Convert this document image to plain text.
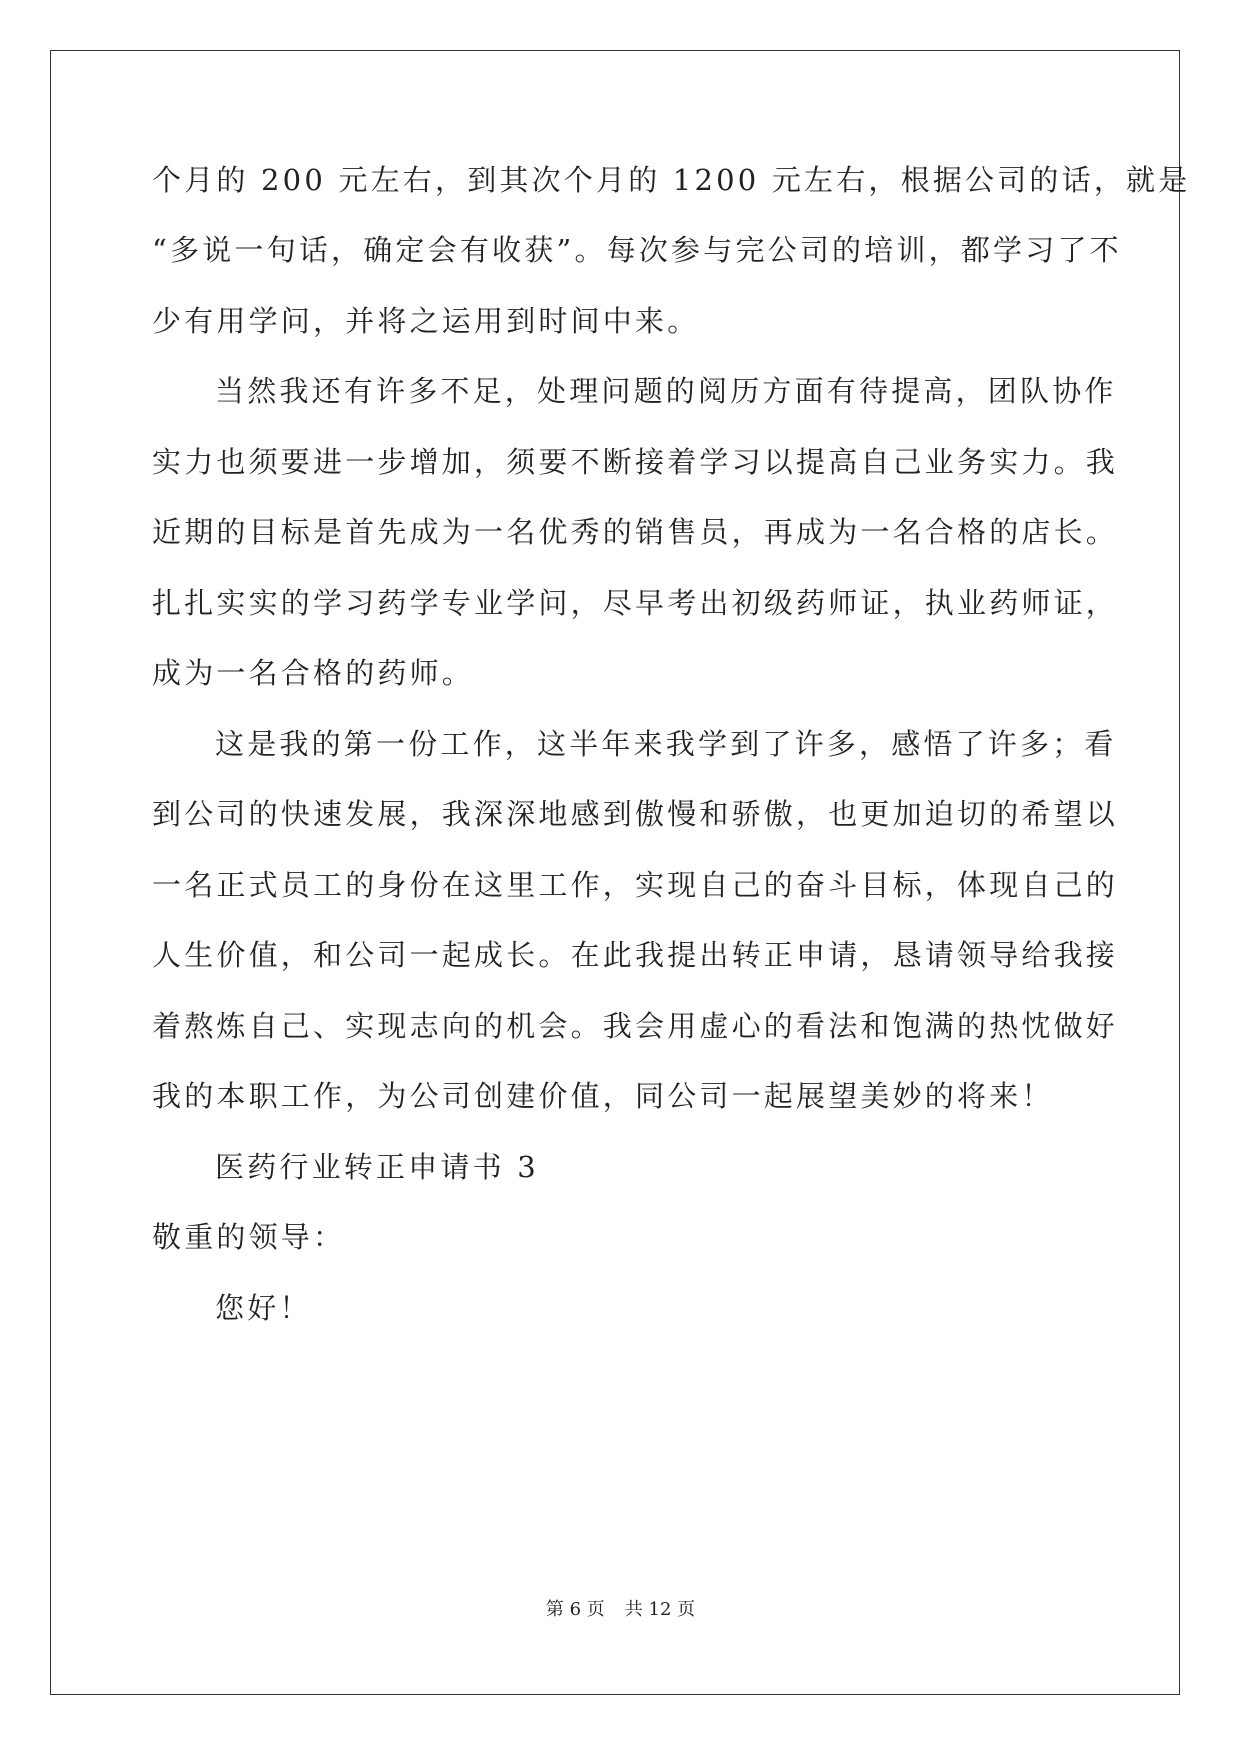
个月的 200 元左右，到其次个月的 1200 元左右，根据公司的话，就是
“多说一句话，确定会有收获”。每次参与完公司的培训，都学习了不
少有用学问，并将之运用到时间中来。
当然我还有许多不足，处理问题的阅历方面有待提高，团队协作
实力也须要进一步增加，须要不断接着学习以提高自己业务实力。我
近期的目标是首先成为一名优秀的销售员，再成为一名合格的店长。
扎扎实实的学习药学专业学问，尽早考出初级药师证，执业药师证，
成为一名合格的药师。
这是我的第一份工作，这半年来我学到了许多，感悟了许多；看
到公司的快速发展，我深深地感到傲慢和骄傲，也更加迫切的希望以
一名正式员工的身份在这里工作，实现自己的奋斗目标，体现自己的
人生价值，和公司一起成长。在此我提出转正申请，恳请领导给我接
着熬炼自己、实现志向的机会。我会用虚心的看法和饱满的热忱做好
我的本职工作，为公司创建价值，同公司一起展望美妙的将来！
医药行业转正申请书 3
敬重的领导：
您好！
第 6 页 共 12 页
